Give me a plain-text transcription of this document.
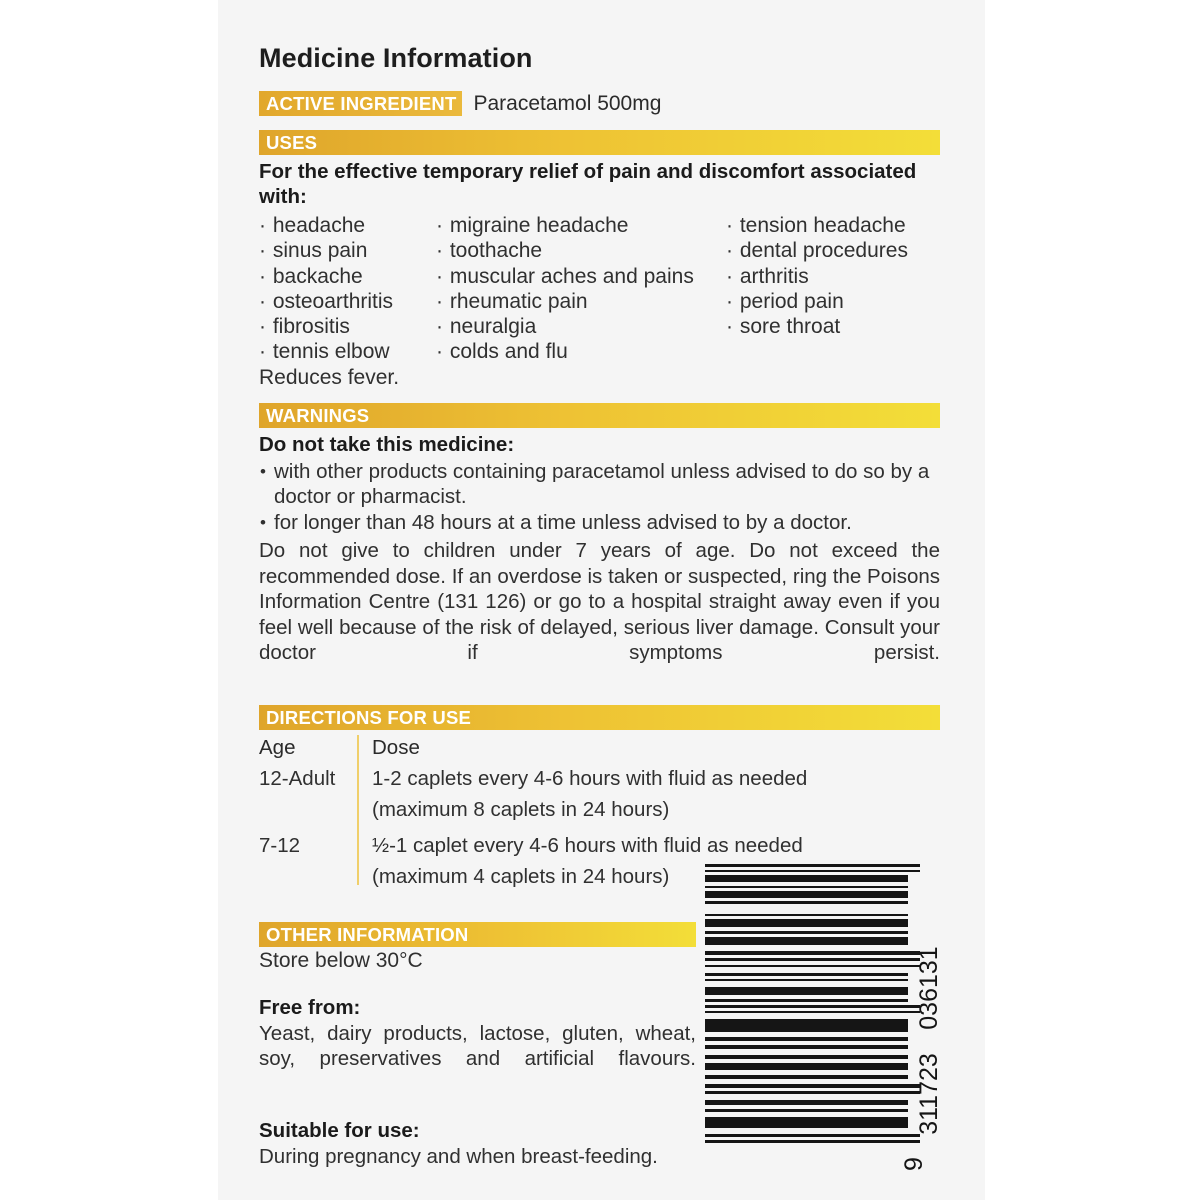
Medicine Information
ACTIVE INGREDIENT Paracetamol 500mg
USES

For the effective temporary relief of pain and discomfort associated with:

· headache
· sinus pain
· backache
· osteoarthritis
· fibrositis
· tennis elbow
· migraine headache
· toothache
· muscular aches and pains
· rheumatic pain
· neuralgia
· colds and flu
· tension headache
· dental procedures
· arthritis
· period pain
· sore throat
Reduces fever.
WARNINGS

Do not take this medicine:

• with other products containing paracetamol unless advised to do so by a doctor or pharmacist.
• for longer than 48 hours at a time unless advised to by a doctor.

Do not give to children under 7 years of age. Do not exceed the recommended dose. If an overdose is taken or suspected, ring the Poisons Information Centre (131 126) or go to a hospital straight away even if you feel well because of the risk of delayed, serious liver damage. Consult your doctor if symptoms persist.

DIRECTIONS FOR USE
Age	Dose
12-Adult	1-2 caplets every 4-6 hours with fluid as needed
(maximum 8 caplets in 24 hours)
7-12	½-1 caplet every 4-6 hours with fluid as needed
(maximum 4 caplets in 24 hours)
OTHER INFORMATION

Store below 30°C

Free from:

Yeast, dairy products, lactose, gluten, wheat, soy, preservatives and artificial flavours.

Suitable for use:

During pregnancy and when breast-feeding.

036131
311723
9
